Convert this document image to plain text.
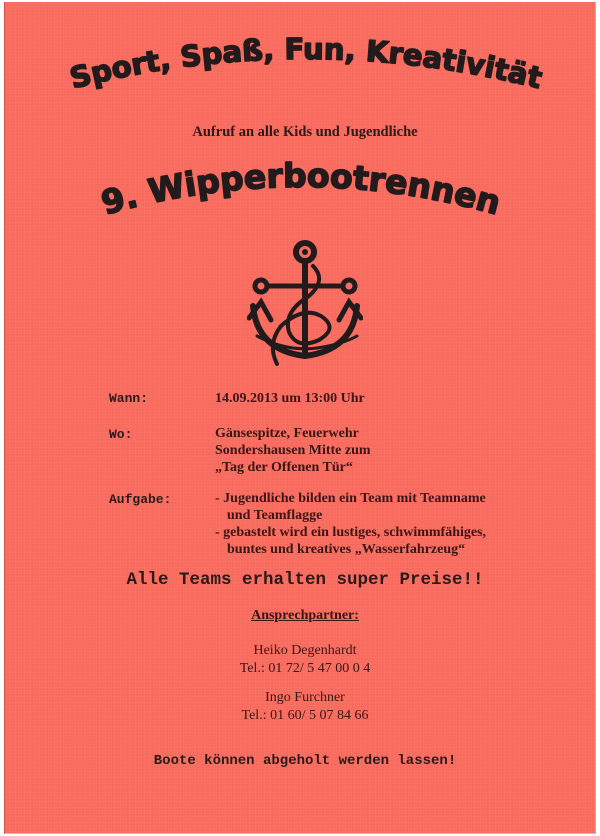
Sport, Spaß, Fun, Kreativität
9. Wipperbootrennen
Aufruf an alle Kids und Jugendliche
Wann:	14.09.2013 um 13:00 Uhr
Wo:	Gänsespitze, Feuerwehr
Sondershausen Mitte zum
„Tag der Offenen Tür“
Aufgabe:	- Jugendliche bilden ein Team mit Teamname
und Teamflagge
- gebastelt wird ein lustiges, schwimmfähiges,
buntes und kreatives „Wasserfahrzeug“
Alle Teams erhalten super Preise!!
Ansprechpartner:
Heiko Degenhardt
Tel.: 01 72/ 5 47 00 0 4
Ingo Furchner
Tel.: 01 60/ 5 07 84 66
Boote können abgeholt werden lassen!
